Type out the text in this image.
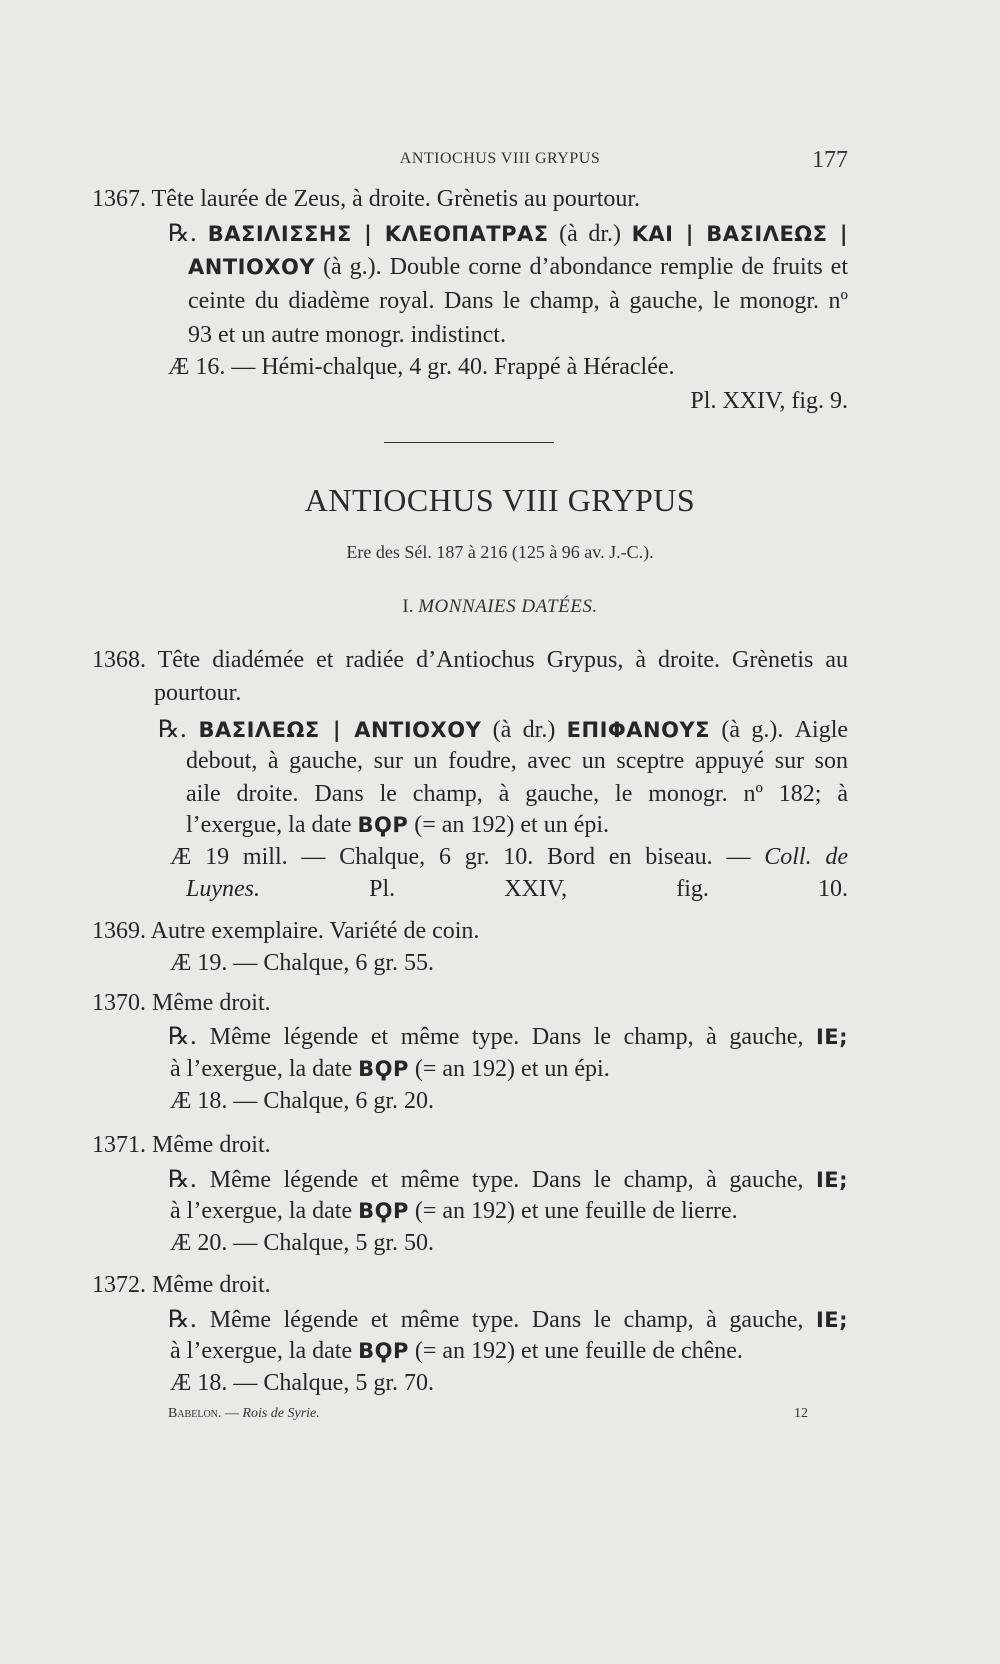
ANTIOCHUS VIII GRYPUS	177
1367. Tête laurée de Zeus, à droite. Grènetis au pourtour.
℞. ΒΑΣΙΛΙΣΣΗΣ | ΚΛΕΟΠΑΤΡΑΣ (à dr.) ΚΑΙ | ΒΑΣΙΛΕΩΣ |
ΑΝΤΙΟΧΟΥ (à g.). Double corne d’abondance remplie de fruits et
ceinte du diadème royal. Dans le champ, à gauche, le monogr. nº
93 et un autre monogr. indistinct.
Æ 16. — Hémi-chalque, 4 gr. 40. Frappé à Héraclée.
Pl. XXIV, fig. 9.
ANTIOCHUS VIII GRYPUS
Ere des Sél. 187 à 216 (125 à 96 av. J.-C.).
I. MONNAIES DATÉES.
1368. Tête diadémée et radiée d’Antiochus Grypus, à droite. Grènetis au
pourtour.
℞. ΒΑΣΙΛΕΩΣ | ΑΝΤΙΟΧΟΥ (à dr.) ΕΠΙΦΑΝΟΥΣ (à g.). Aigle
debout, à gauche, sur un foudre, avec un sceptre appuyé sur son
aile droite. Dans le champ, à gauche, le monogr. nº 182; à
l’exergue, la date ΒϘΡ (= an 192) et un épi.
Æ 19 mill. — Chalque, 6 gr. 10. Bord en biseau. — Coll. de
Luynes.	Pl. XXIV, fig. 10.
1369. Autre exemplaire. Variété de coin.
Æ 19. — Chalque, 6 gr. 55.
1370. Même droit.
℞. Même légende et même type. Dans le champ, à gauche, ΙΕ;
à l’exergue, la date ΒϘΡ (= an 192) et un épi.
Æ 18. — Chalque, 6 gr. 20.
1371. Même droit.
℞. Même légende et même type. Dans le champ, à gauche, ΙΕ;
à l’exergue, la date ΒϘΡ (= an 192) et une feuille de lierre.
Æ 20. — Chalque, 5 gr. 50.
1372. Même droit.
℞. Même légende et même type. Dans le champ, à gauche, ΙΕ;
à l’exergue, la date ΒϘΡ (= an 192) et une feuille de chêne.
Æ 18. — Chalque, 5 gr. 70.
Babelon. — Rois de Syrie.	12
